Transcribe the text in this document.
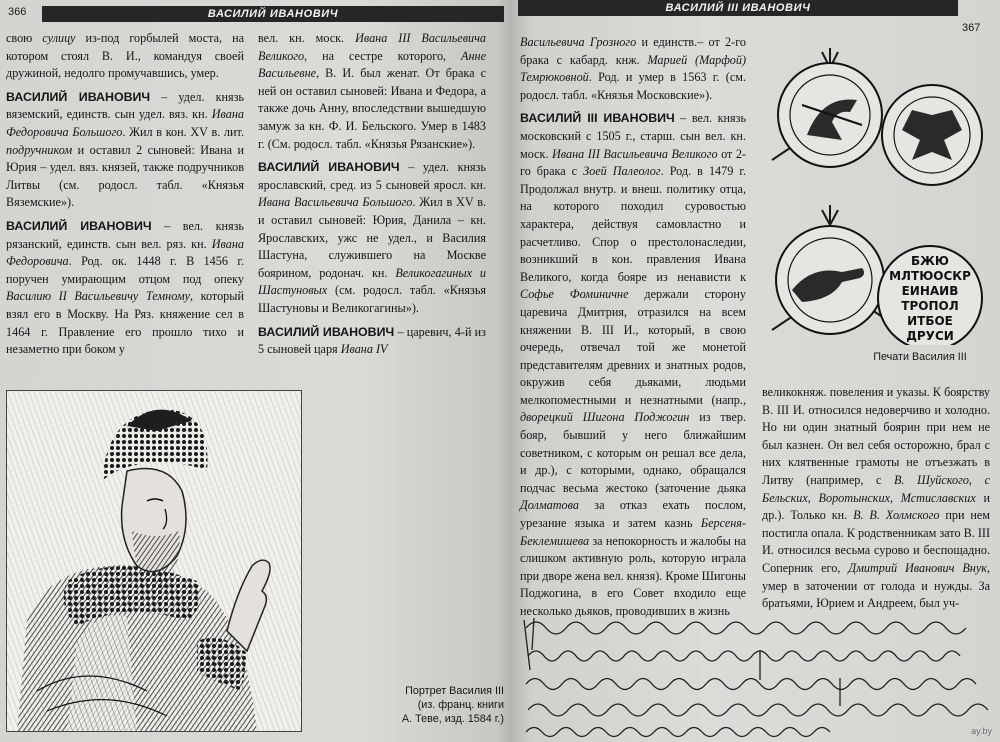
366	ВАСИЛИЙ ИВАНОВИЧ

свою сулицу из-под горбылей моста, на котором стоял В. И., командуя своей дружиной, недолго промучавшись, умер.

ВАСИЛИЙ ИВАНОВИЧ – удел. князь вяземский, единств. сын удел. вяз. кн. Ивана Федоровича Большого. Жил в кон. XV в. лит. подручником и оставил 2 сыновей: Ивана и Юрия – удел. вяз. князей, также подручников Литвы (см. родосл. табл. «Князья Вяземские»).

ВАСИЛИЙ ИВАНОВИЧ – вел. князь рязанский, единств. сын вел. ряз. кн. Ивана Федоровича. Род. ок. 1448 г. В 1456 г. поручен умирающим отцом под опеку Василию II Васильевичу Темному, который взял его в Москву. На Ряз. княжение сел в 1464 г. Правление его прошло тихо и незаметно при боком у

вел. кн. моск. Ивана III Васильевича Великого, на сестре которого, Анне Васильевне, В. И. был женат. От брака с ней он оставил сыновей: Ивана и Федора, а также дочь Анну, впоследствии вышедшую замуж за кн. Ф. И. Бельского. Умер в 1483 г. (См. родосл. табл. «Князья Рязанские»).

ВАСИЛИЙ ИВАНОВИЧ – удел. князь ярославский, сред. из 5 сыновей яросл. кн. Ивана Васильевича Большого. Жил в XV в. и оставил сыновей: Юрия, Данила – кн. Ярославских, ужс не удел., и Василия Шастуна, служившего на Москве боярином, родонач. кн. Великогагиных и Шастуновых (см. родосл. табл. «Князья Шастуновы и Великогагины»).

ВАСИЛИЙ ИВАНОВИЧ – царевич, 4-й из 5 сыновей царя Ивана IV

Портрет Василия III
(из. франц. книги
А. Теве, изд. 1584 г.)
ВАСИЛИЙ III ИВАНОВИЧ
367

Васильевича Грозного и единств.– от 2-го брака с кабард. кнж. Марией (Марфой) Темрюковной. Род. и умер в 1563 г. (см. родосл. табл. «Князья Московские»).

ВАСИЛИЙ III ИВАНОВИЧ – вел. князь московский с 1505 г., старш. сын вел. кн. моск. Ивана III Васильевича Великого от 2-го брака с Зоей Палеолог. Род. в 1479 г. Продолжал внутр. и внеш. политику отца, на которого походил суровостью характера, действуя самовластно и расчетливо. Спор о престолонаследии, возникший в кон. правления Ивана Великого, когда бояре из ненависти к Софье Фоминичне держали сторону царевича Дмитрия, отразился на всем княжении В. III И., который, в свою очередь, отвечал той же монетой представителям древних и знатных родов, окружив себя дьяками, людьми мелкопоместными и незнатными (напр., дворецкий Шигона Поджогин из твер. бояр, бывший у него ближайшим советником, с которым он решал все дела, и др.), с которыми, однако, обращался подчас весьма жестоко (заточение дьяка Долматова за отказ ехать послом, урезание языка и затем казнь Берсеня-Беклемишева за непокорность и жалобы на слишком активную роль, которую играла при дворе жена вел. князя). Кроме Шигоны Поджогина, в его Совет входило еще несколько дьяков, проводивших в жизнь

БЖЮ
МЛТЮОСКР
ЕИНАИВ
ТРОПОЛ
ИТБОЕ
ДРУСИ
Печати Василия III

великокняж. повеления и указы. К боярству В. III И. относился недоверчиво и холодно. Но ни один знатный боярин при нем не был казнен. Он вел себя осторожно, брал с них клятвенные грамоты не отъезжать в Литву (например, с В. Шуйского, с Бельских, Воротынских, Мстиславских и др.). Только кн. В. В. Холмского при нем постигла опала. К родственникам зато В. III И. относился весьма сурово и беспощадно. Соперник его, Дмитрий Иванович Внук, умер в заточении от голода и нужды. За братьями, Юрием и Андреем, был уч-

ay.by
